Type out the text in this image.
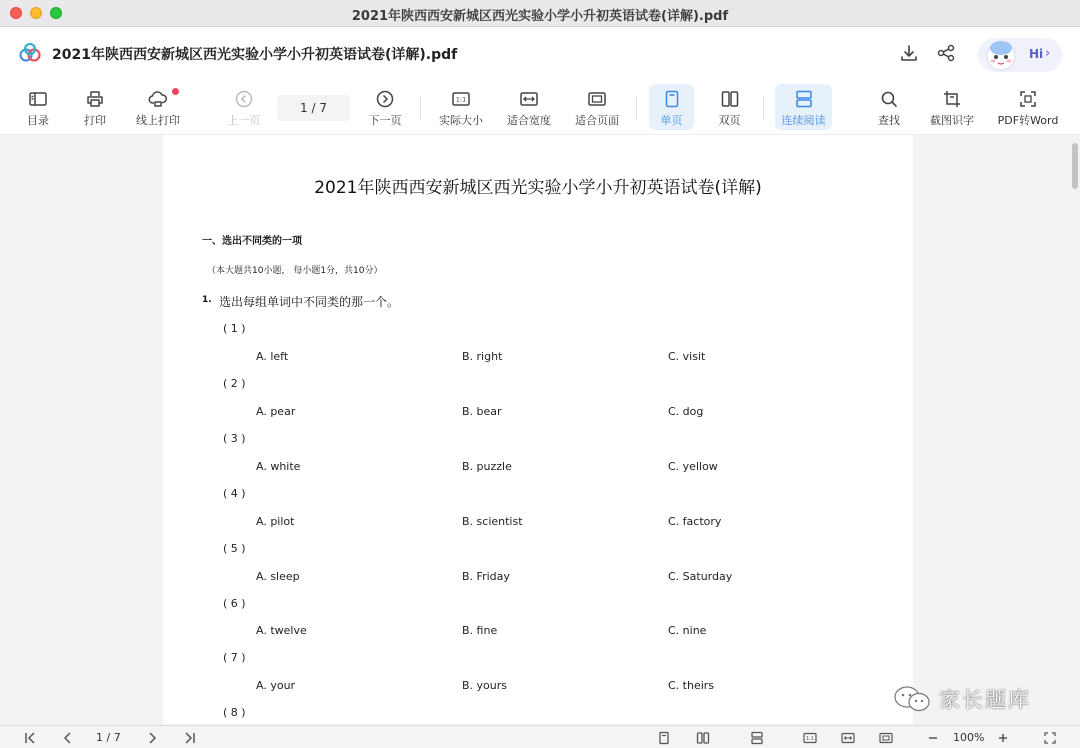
2021年陕西西安新城区西光实验小学小升初英语试卷(详解).pdf
2021年陕西西安新城区西光实验小学小升初英语试卷(详解).pdf	Hi ›
目录	打印	线上打印	上一页
1 / 7
下一页
1:1
实际大小 适合宽度 适合页面	单页	双页	连续阅读	查找	截图识字 PDF转Word
2021年陕西西安新城区西光实验小学小升初英语试卷(详解)
一、选出不同类的一项
（本大题共10小题， 每小题1分，共10分）
1. 选出每组单词中不同类的那一个。
( 1 )
A. left	B. right	C. visit
( 2 )
A. pear	B. bear	C. dog
( 3 )
A. white	B. puzzle	C. yellow
( 4 )
A. pilot	B. scientist	C. factory
( 5 )
A. sleep	B. Friday	C. Saturday
( 6 )
A. twelve	B. fine	C. nine
( 7 )
A. your	B. yours	C. theirs
( 8 )
家长题库
1 / 7	1:1	100%
